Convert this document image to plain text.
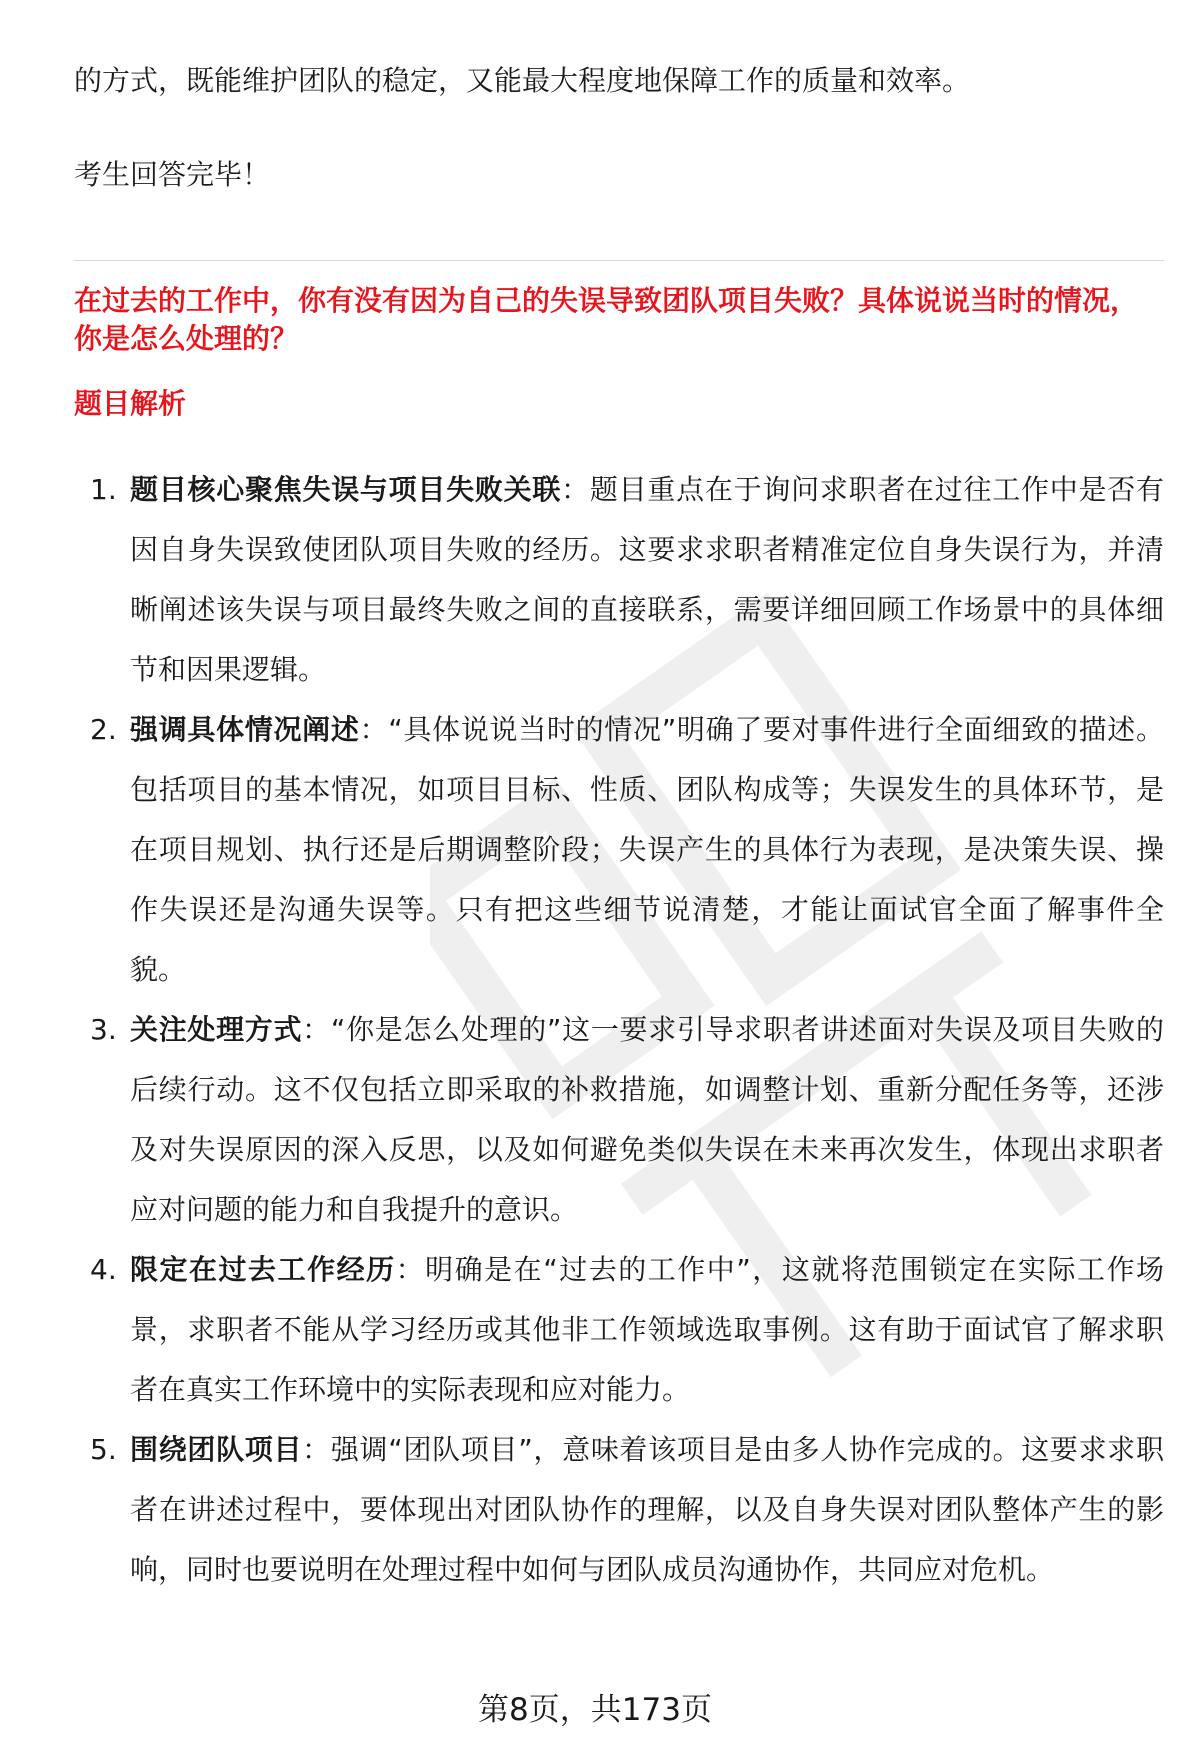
的方式，既能维护团队的稳定，又能最大程度地保障工作的质量和效率。

考生回答完毕！

在过去的工作中，你有没有因为自己的失误导致团队项目失败？具体说说当时的情况，你是怎么处理的？
题目解析
1. 题目核心聚焦失误与项目失败关联：题目重点在于询问求职者在过往工作中是否有因自身失误致使团队项目失败的经历。这要求求职者精准定位自身失误行为，并清晰阐述该失误与项目最终失败之间的直接联系，需要详细回顾工作场景中的具体细节和因果逻辑。
2. 强调具体情况阐述：“具体说说当时的情况”明确了要对事件进行全面细致的描述。包括项目的基本情况，如项目目标、性质、团队构成等；失误发生的具体环节，是在项目规划、执行还是后期调整阶段；失误产生的具体行为表现，是决策失误、操作失误还是沟通失误等。只有把这些细节说清楚，才能让面试官全面了解事件全貌。
3. 关注处理方式：“你是怎么处理的”这一要求引导求职者讲述面对失误及项目失败的后续行动。这不仅包括立即采取的补救措施，如调整计划、重新分配任务等，还涉及对失误原因的深入反思，以及如何避免类似失误在未来再次发生，体现出求职者应对问题的能力和自我提升的意识。
4. 限定在过去工作经历：明确是在“过去的工作中”，这就将范围锁定在实际工作场景，求职者不能从学习经历或其他非工作领域选取事例。这有助于面试官了解求职者在真实工作环境中的实际表现和应对能力。
5. 围绕团队项目：强调“团队项目”，意味着该项目是由多人协作完成的。这要求求职者在讲述过程中，要体现出对团队协作的理解，以及自身失误对团队整体产生的影响，同时也要说明在处理过程中如何与团队成员沟通协作，共同应对危机。
第8页，共173页
